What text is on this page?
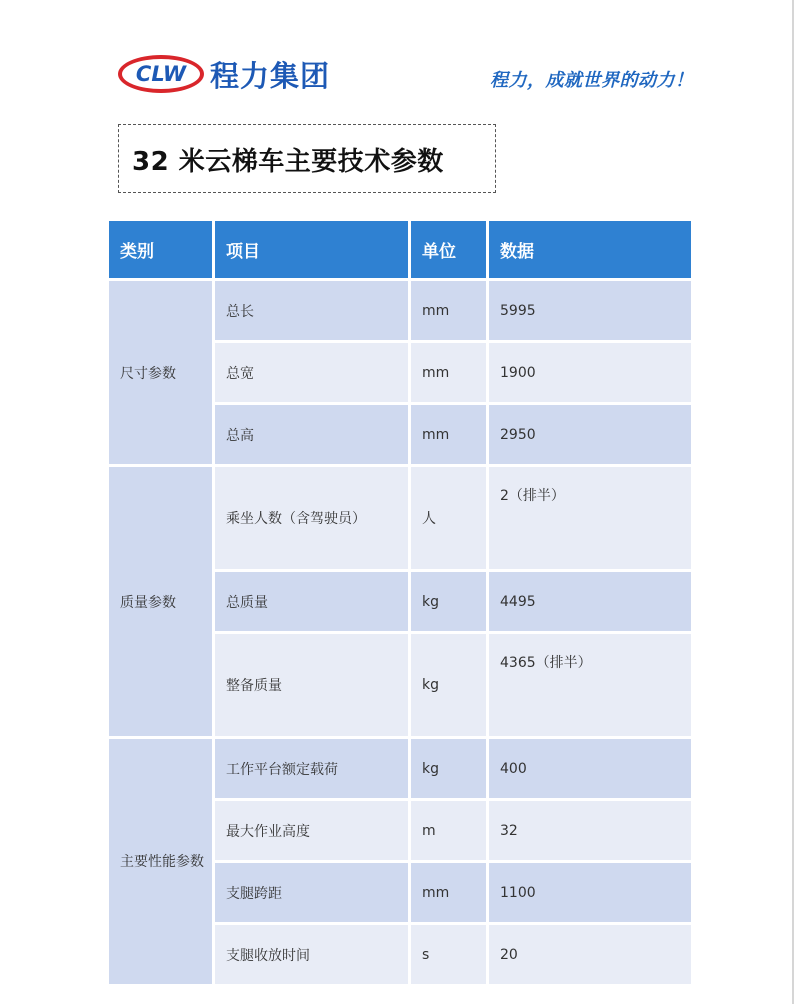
CLW 程力集团	程力，成就世界的动力！
32 米云梯车主要技术参数
类别	项目	单位	数据
尺寸参数	总长	mm	5995
	总宽	mm	1900
	总高	mm	2950
质量参数	乘坐人数（含驾驶员）	人	2（排半）
	总质量	kg	4495
	整备质量	kg	4365（排半）

主要性能参数	工作平台额定载荷	kg	400
	最大作业高度	m	32
	支腿跨距	mm	1100
	支腿收放时间	s	20
